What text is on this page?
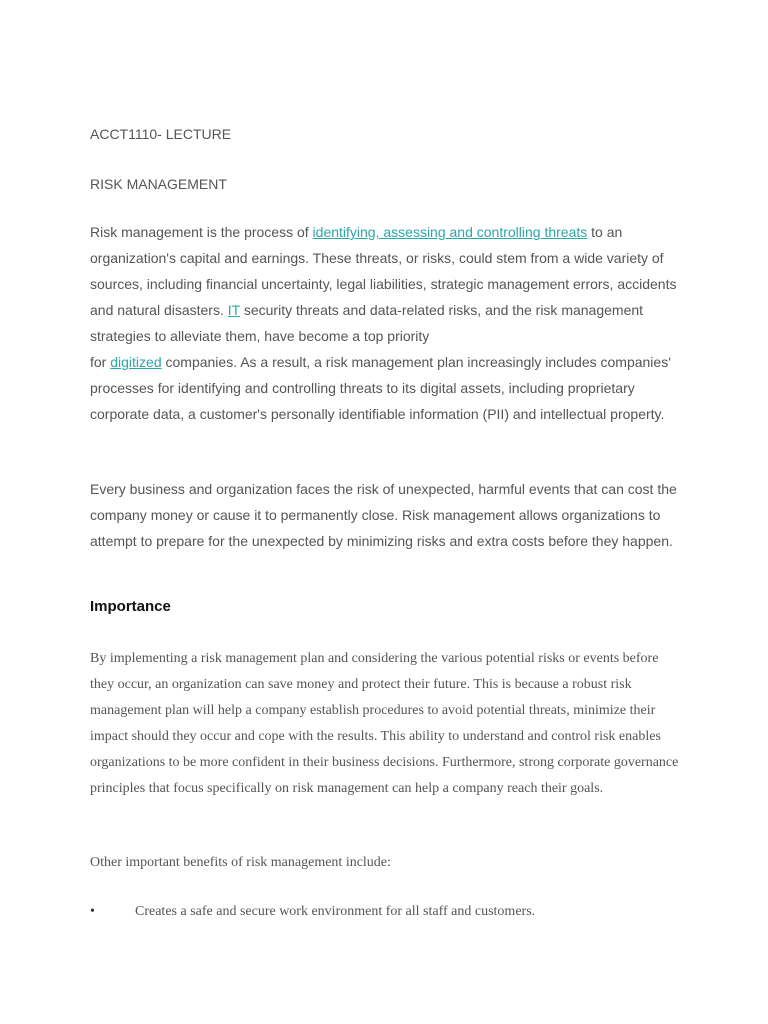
ACCT1110- LECTURE
RISK MANAGEMENT

Risk management is the process of identifying, assessing and controlling threats to an organization's capital and earnings. These threats, or risks, could stem from a wide variety of sources, including financial uncertainty, legal liabilities, strategic management errors, accidents and natural disasters. IT security threats and data-related risks, and the risk management strategies to alleviate them, have become a top priority
for digitized companies. As a result, a risk management plan increasingly includes companies' processes for identifying and controlling threats to its digital assets, including proprietary corporate data, a customer's personally identifiable information (PII) and intellectual property.

Every business and organization faces the risk of unexpected, harmful events that can cost the company money or cause it to permanently close. Risk management allows organizations to attempt to prepare for the unexpected by minimizing risks and extra costs before they happen.

Importance

By implementing a risk management plan and considering the various potential risks or events before they occur, an organization can save money and protect their future. This is because a robust risk management plan will help a company establish procedures to avoid potential threats, minimize their impact should they occur and cope with the results. This ability to understand and control risk enables organizations to be more confident in their business decisions. Furthermore, strong corporate governance principles that focus specifically on risk management can help a company reach their goals.

Other important benefits of risk management include:

•	Creates a safe and secure work environment for all staff and customers.
